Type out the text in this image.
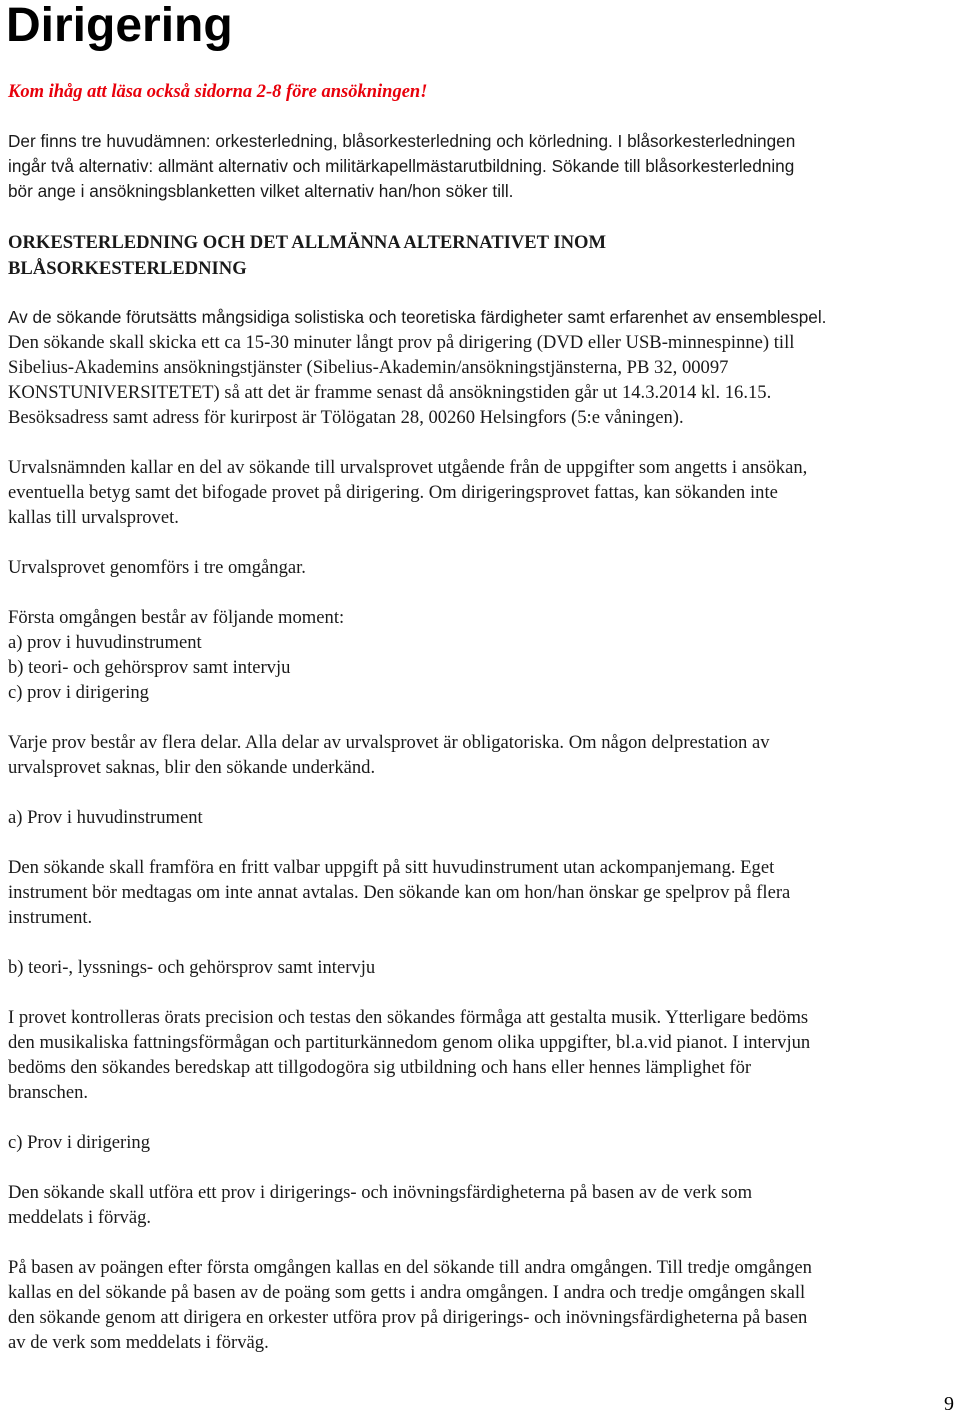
Dirigering

Kom ihåg att läsa också sidorna 2-8 före ansökningen!

Der finns tre huvudämnen: orkesterledning, blåsorkesterledning och körledning. I blåsorkesterledningen
ingår två alternativ: allmänt alternativ och militärkapellmästarutbildning. Sökande till blåsorkesterledning
bör ange i ansökningsblanketten vilket alternativ han/hon söker till.
ORKESTERLEDNING OCH DET ALLMÄNNA ALTERNATIVET INOM
BLÅSORKESTERLEDNING
Av de sökande förutsätts mångsidiga solistiska och teoretiska färdigheter samt erfarenhet av ensemblespel.
Den sökande skall skicka ett ca 15-30 minuter långt prov på dirigering (DVD eller USB-minnespinne) till
Sibelius-Akademins ansökningstjänster (Sibelius-Akademin/ansökningstjänsterna, PB 32, 00097
KONSTUNIVERSITETET) så att det är framme senast då ansökningstiden går ut 14.3.2014 kl. 16.15.
Besöksadress samt adress för kurirpost är Tölögatan 28, 00260 Helsingfors (5:e våningen).
Urvalsnämnden kallar en del av sökande till urvalsprovet utgående från de uppgifter som angetts i ansökan,
eventuella betyg samt det bifogade provet på dirigering. Om dirigeringsprovet fattas, kan sökanden inte
kallas till urvalsprovet.
Urvalsprovet genomförs i tre omgångar.
Första omgången består av följande moment:
a) prov i huvudinstrument
b) teori- och gehörsprov samt intervju
c) prov i dirigering
Varje prov består av flera delar. Alla delar av urvalsprovet är obligatoriska. Om någon delprestation av
urvalsprovet saknas, blir den sökande underkänd.
a) Prov i huvudinstrument
Den sökande skall framföra en fritt valbar uppgift på sitt huvudinstrument utan ackompanjemang. Eget
instrument bör medtagas om inte annat avtalas. Den sökande kan om hon/han önskar ge spelprov på flera
instrument.
b) teori-, lyssnings- och gehörsprov samt intervju
I provet kontrolleras örats precision och testas den sökandes förmåga att gestalta musik. Ytterligare bedöms
den musikaliska fattningsförmågan och partiturkännedom genom olika uppgifter, bl.a.vid pianot. I intervjun
bedöms den sökandes beredskap att tillgodogöra sig utbildning och hans eller hennes lämplighet för
branschen.
c) Prov i dirigering
Den sökande skall utföra ett prov i dirigerings- och inövningsfärdigheterna på basen av de verk som
meddelats i förväg.
På basen av poängen efter första omgången kallas en del sökande till andra omgången. Till tredje omgången
kallas en del sökande på basen av de poäng som getts i andra omgången. I andra och tredje omgången skall
den sökande genom att dirigera en orkester utföra prov på dirigerings- och inövningsfärdigheterna på basen
av de verk som meddelats i förväg.
9
